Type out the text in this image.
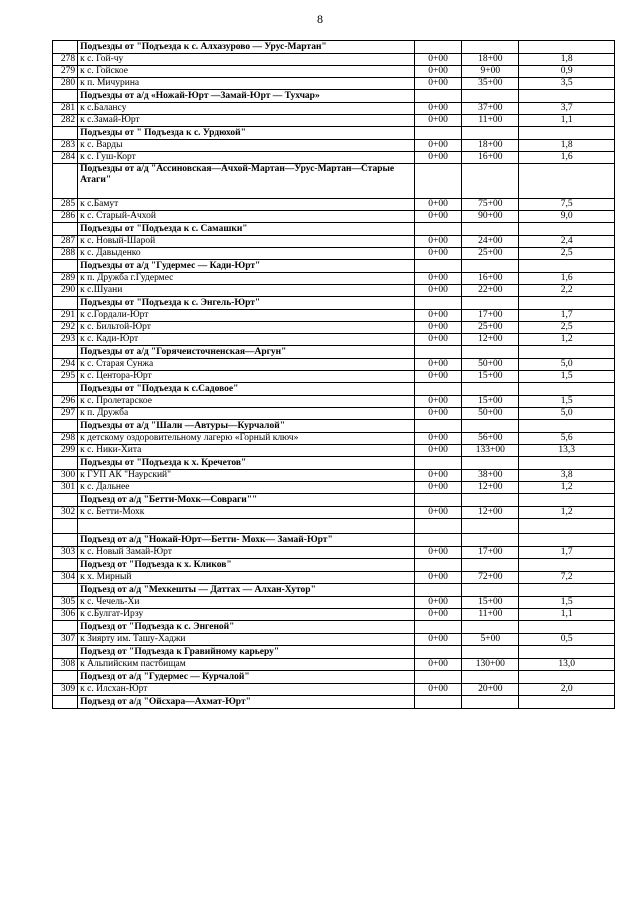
8
	Подъезды от "Подъезда к с. Алхазурово — Урус-Мартан"			
278	к с. Гой-чу	0+00	18+00	1,8
279	к с. Гойское	0+00	9+00	0,9
280	к п. Мичурина	0+00	35+00	3,5
	Подъезды от а/д «Ножай-Юрт —Замай-Юрт — Тухчар»			
281	к с.Баланcу	0+00	37+00	3,7
282	к с.Замай-Юрт	0+00	11+00	1,1
	Подъезды от " Подъезда к с. Урдюхой"			
283	к с. Варды	0+00	18+00	1,8
284	к с. Гуш-Корт	0+00	16+00	1,6
	Подъезды от а/д "Ассиновская—Ачхой-Мартан—Урус-Мартан—Старые Атаги"			
285	к с.Бамут	0+00	75+00	7,5
286	к с. Старый-Ачхой	0+00	90+00	9,0
	Подъезды от "Подъезда к с. Самашки"			
287	к с. Новый-Шарой	0+00	24+00	2,4
288	к с. Давыденко	0+00	25+00	2,5
	Подъезды от а/д "Гудермес — Кади-Юрт"			
289	к п. Дружба г.Гудермес	0+00	16+00	1,6
290	к с.Шуани	0+00	22+00	2,2
	Подъезды от "Подъезда к с. Энгель-Юрт"			
291	к с.Гордали-Юрт	0+00	17+00	1,7
292	к с. Бильтой-Юрт	0+00	25+00	2,5
293	к с. Кади-Юрт	0+00	12+00	1,2
	Подъезды от а/д "Горячеисточненская—Аргун"			
294	к с. Старая Сунжа	0+00	50+00	5,0
295	к с. Центора-Юрт	0+00	15+00	1,5
	Подъезды от "Подъезда к с.Садовое"			
296	к с. Пролетарское	0+00	15+00	1,5
297	к п. Дружба	0+00	50+00	5,0
	Подъезды от а/д "Шали —Автуры—Курчалой"			
298	к детскому оздоровительному лагерю «Горный ключ»	0+00	56+00	5,6
299	к с. Ники-Хита	0+00	133+00	13,3
	Подъезды от "Подъезда к х. Кречетов"			
300	к ГУП АК "Наурский"	0+00	38+00	3,8
301	к с. Дальнее	0+00	12+00	1,2
	Подъезд от а/д "Бетти-Мохк—Совраги""			
302	к с. Бетти-Мохк	0+00	12+00	1,2

	Подъезд от а/д "Ножай-Юрт—Бетти- Мохк— Замай-Юрт"			
303	к с. Новый Замай-Юрт	0+00	17+00	1,7
	Подъезд от "Подъезда к х. Кликов"			
304	к х. Мирный	0+00	72+00	7,2
	Подъезд от а/д "Мехкешты — Даттах — Алхан-Хутор"			
305	к с. Чечель-Хи	0+00	15+00	1,5
306	к с.Булгат-Ирзу	0+00	11+00	1,1
	Подъезд от "Подъезда к с. Энгеной"			
307	к Зиярту им. Ташу-Хаджи	0+00	5+00	0,5
	Подъезд от "Подъезда к Гравийному карьеру"			
308	к Альпийским пастбищам	0+00	130+00	13,0
	Подъезд от а/д "Гудермес — Курчалой"			
309	к с. Илсхан-Юрт	0+00	20+00	2,0
	Подъезд от а/д "Ойсхара—Ахмат-Юрт"			
